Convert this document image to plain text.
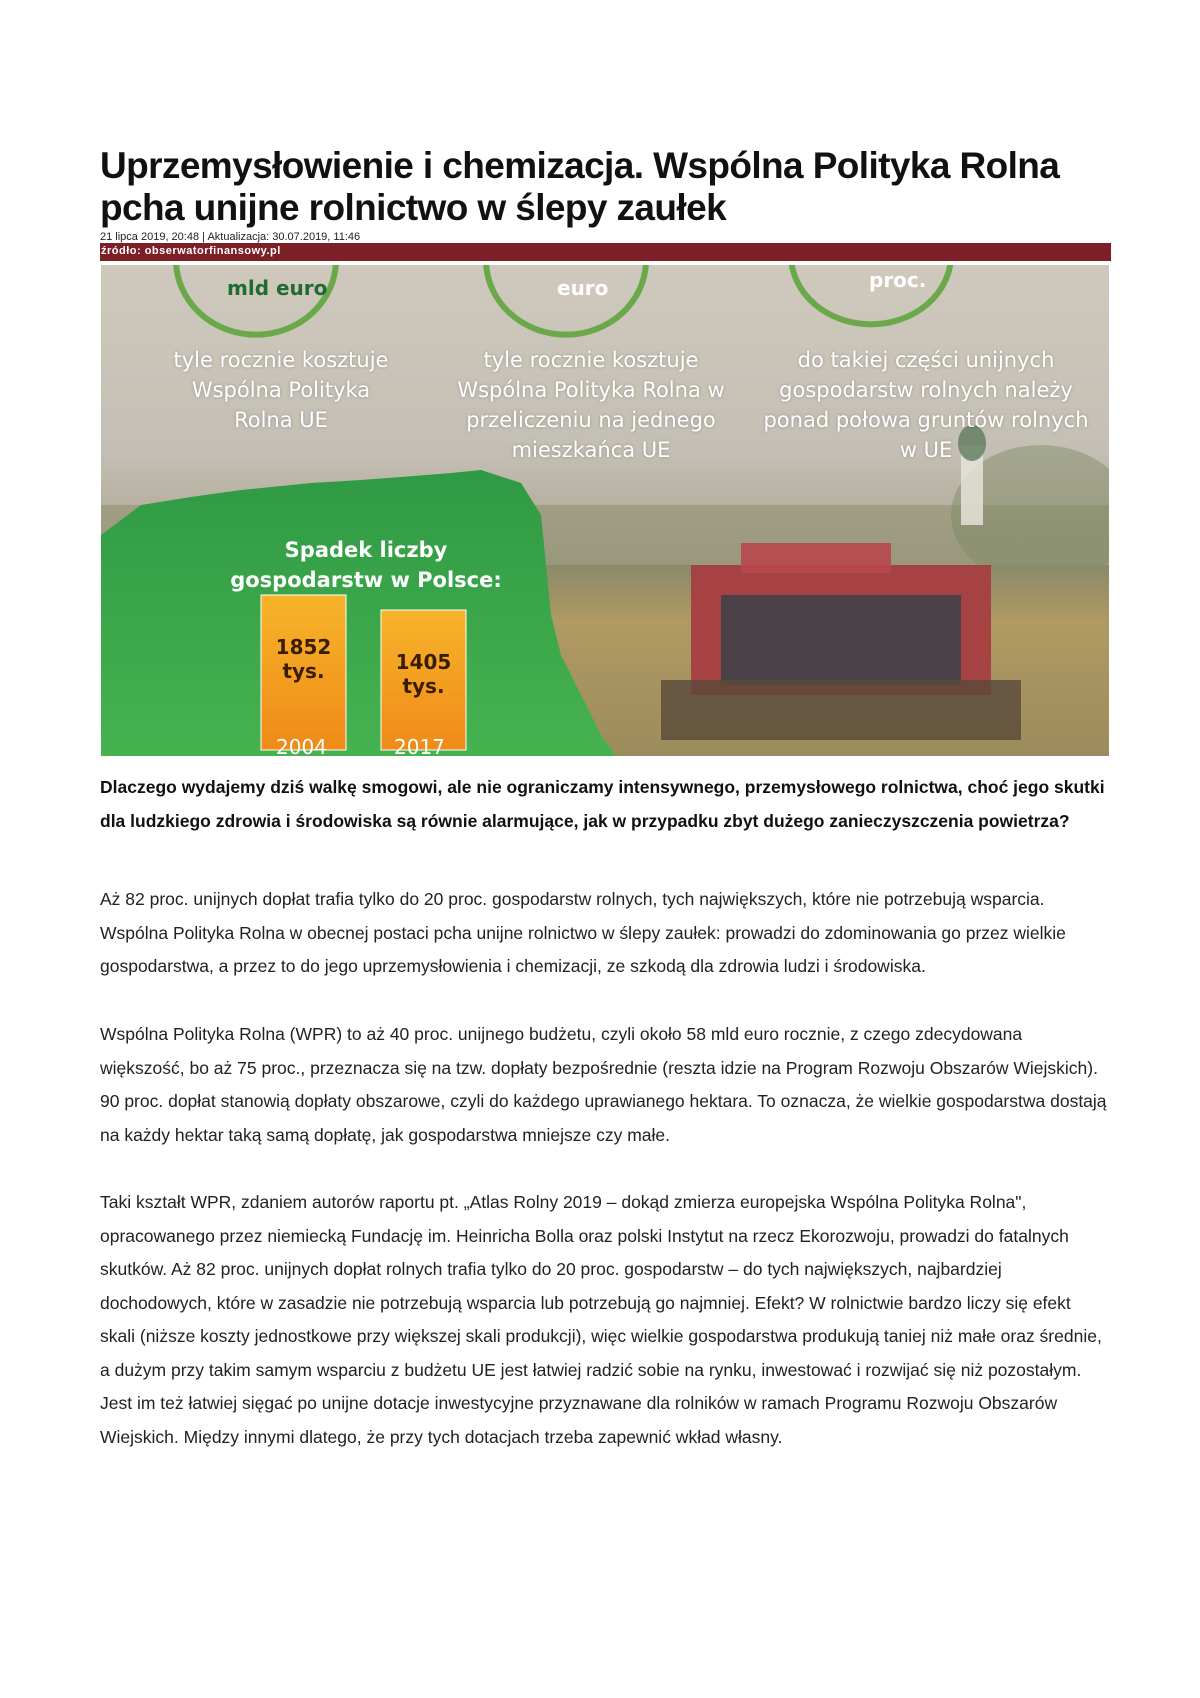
Uprzemysłowienie i chemizacja. Wspólna Polityka Rolna pcha unijne rolnictwo w ślepy zaułek
21 lipca 2019, 20:48 | Aktualizacja: 30.07.2019, 11:46
źródło: obserwatorfinansowy.pl
mld euro	euro	proc.
tyle rocznie kosztuje Wspólna Polityka Rolna UE
tyle rocznie kosztuje Wspólna Polityka Rolna w przeliczeniu na jednego mieszkańca UE
do takiej części unijnych gospodarstw rolnych należy ponad połowa gruntów rolnych w UE
Spadek liczby gospodarstw w Polsce:
1852 tys.	1405 tys.
2004	2017

Dlaczego wydajemy dziś walkę smogowi, ale nie ograniczamy intensywnego, przemysłowego rolnictwa, choć jego skutki dla ludzkiego zdrowia i środowiska są równie alarmujące, jak w przypadku zbyt dużego zanieczyszczenia powietrza?

Aż 82 proc. unijnych dopłat trafia tylko do 20 proc. gospodarstw rolnych, tych największych, które nie potrzebują wsparcia. Wspólna Polityka Rolna w obecnej postaci pcha unijne rolnictwo w ślepy zaułek: prowadzi do zdominowania go przez wielkie gospodarstwa, a przez to do jego uprzemysłowienia i chemizacji, ze szkodą dla zdrowia ludzi i środowiska.

Wspólna Polityka Rolna (WPR) to aż 40 proc. unijnego budżetu, czyli około 58 mld euro rocznie, z czego zdecydowana większość, bo aż 75 proc., przeznacza się na tzw. dopłaty bezpośrednie (reszta idzie na Program Rozwoju Obszarów Wiejskich). 90 proc. dopłat stanowią dopłaty obszarowe, czyli do każdego uprawianego hektara. To oznacza, że wielkie gospodarstwa dostają na każdy hektar taką samą dopłatę, jak gospodarstwa mniejsze czy małe.

Taki kształt WPR, zdaniem autorów raportu pt. „Atlas Rolny 2019 – dokąd zmierza europejska Wspólna Polityka Rolna", opracowanego przez niemiecką Fundację im. Heinricha Bolla oraz polski Instytut na rzecz Ekorozwoju, prowadzi do fatalnych skutków. Aż 82 proc. unijnych dopłat rolnych trafia tylko do 20 proc. gospodarstw – do tych największych, najbardziej dochodowych, które w zasadzie nie potrzebują wsparcia lub potrzebują go najmniej. Efekt? W rolnictwie bardzo liczy się efekt skali (niższe koszty jednostkowe przy większej skali produkcji), więc wielkie gospodarstwa produkują taniej niż małe oraz średnie, a dużym przy takim samym wsparciu z budżetu UE jest łatwiej radzić sobie na rynku, inwestować i rozwijać się niż pozostałym. Jest im też łatwiej sięgać po unijne dotacje inwestycyjne przyznawane dla rolników w ramach Programu Rozwoju Obszarów Wiejskich. Między innymi dlatego, że przy tych dotacjach trzeba zapewnić wkład własny.
